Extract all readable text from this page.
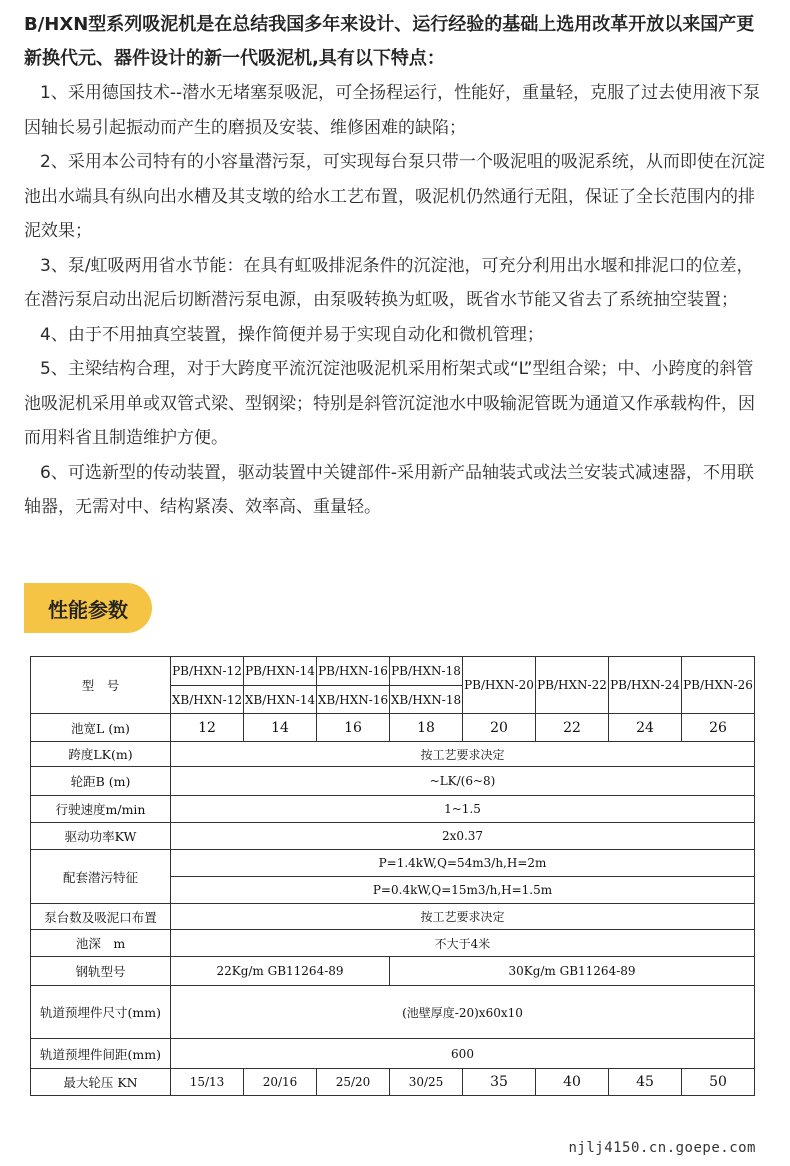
B/HXN型系列吸泥机是在总结我国多年来设计、运行经验的基础上选用改革开放以来国产更新换代元、器件设计的新一代吸泥机,具有以下特点：

1、采用德国技术--潜水无堵塞泵吸泥，可全扬程运行，性能好，重量轻，克服了过去使用液下泵因轴长易引起振动而产生的磨损及安装、维修困难的缺陷；

2、采用本公司特有的小容量潜污泵，可实现每台泵只带一个吸泥咀的吸泥系统，从而即使在沉淀池出水端具有纵向出水槽及其支墩的给水工艺布置，吸泥机仍然通行无阻，保证了全长范围内的排泥效果；

3、泵/虹吸两用省水节能：在具有虹吸排泥条件的沉淀池，可充分利用出水堰和排泥口的位差，在潜污泵启动出泥后切断潜污泵电源，由泵吸转换为虹吸，既省水节能又省去了系统抽空装置；

4、由于不用抽真空装置，操作简便并易于实现自动化和微机管理；

5、主梁结构合理，对于大跨度平流沉淀池吸泥机采用桁架式或“L”型组合梁；中、小跨度的斜管池吸泥机采用单或双管式梁、型钢梁；特别是斜管沉淀池水中吸输泥管既为通道又作承载构件，因而用料省且制造维护方便。

6、可选新型的传动装置，驱动装置中关键部件-采用新产品轴装式或法兰安装式减速器，不用联轴器，无需对中、结构紧凑、效率高、重量轻。

性能参数
型　号	PB/HXN-12	PB/HXN-14	PB/HXN-16	PB/HXN-18	PB/HXN-20	PB/HXN-22	PB/HXN-24	PB/HXN-26
	XB/HXN-12	XB/HXN-14	XB/HXN-16	XB/HXN-18				
池宽L (m)	12	14	16	18	20	22	24	26
跨度LK(m)	按工艺要求决定							
轮距B (m)	~LK/(6~8)							
行驶速度m/min	1~1.5							
驱动功率KW	2x0.37							
配套潜污特征	P=1.4kW,Q=54m3/h,H=2m							
	P=0.4kW,Q=15m3/h,H=1.5m							
泵台数及吸泥口布置	按工艺要求决定							
池深　m	不大于4米							
钢轨型号	22Kg/m GB11264-89			30Kg/m GB11264-89				
轨道预埋件尺寸(mm)	(池壁厚度-20)x60x10							
轨道预埋件间距(mm)	600							
最大轮压 KN	15/13	20/16	25/20	30/25	35	40	45	50
njlj4150.cn.goepe.com
